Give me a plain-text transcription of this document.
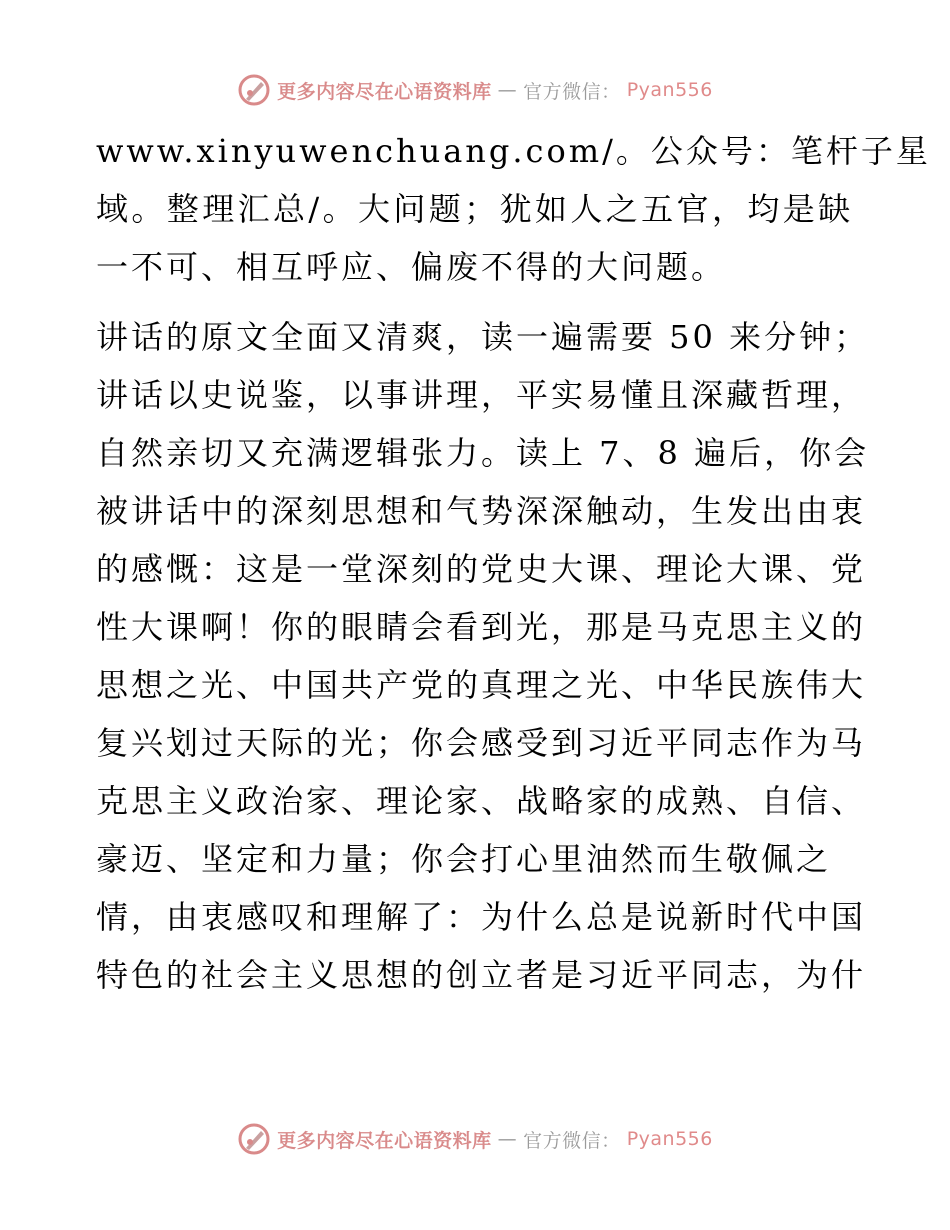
更多内容尽在心语资料库 — 官方微信： Pyan556
www.xinyuwenchuang.com/。公众号：笔杆子星
域。整理汇总/。大问题；犹如人之五官，均是缺
一不可、相互呼应、偏废不得的大问题。
讲话的原文全面又清爽，读一遍需要 50 来分钟；
讲话以史说鉴，以事讲理，平实易懂且深藏哲理，
自然亲切又充满逻辑张力。读上 7、8 遍后，你会
被讲话中的深刻思想和气势深深触动，生发出由衷
的感慨：这是一堂深刻的党史大课、理论大课、党
性大课啊！你的眼睛会看到光，那是马克思主义的
思想之光、中国共产党的真理之光、中华民族伟大
复兴划过天际的光；你会感受到习近平同志作为马
克思主义政治家、理论家、战略家的成熟、自信、
豪迈、坚定和力量；你会打心里油然而生敬佩之
情，由衷感叹和理解了：为什么总是说新时代中国
特色的社会主义思想的创立者是习近平同志，为什
更多内容尽在心语资料库 — 官方微信： Pyan556
